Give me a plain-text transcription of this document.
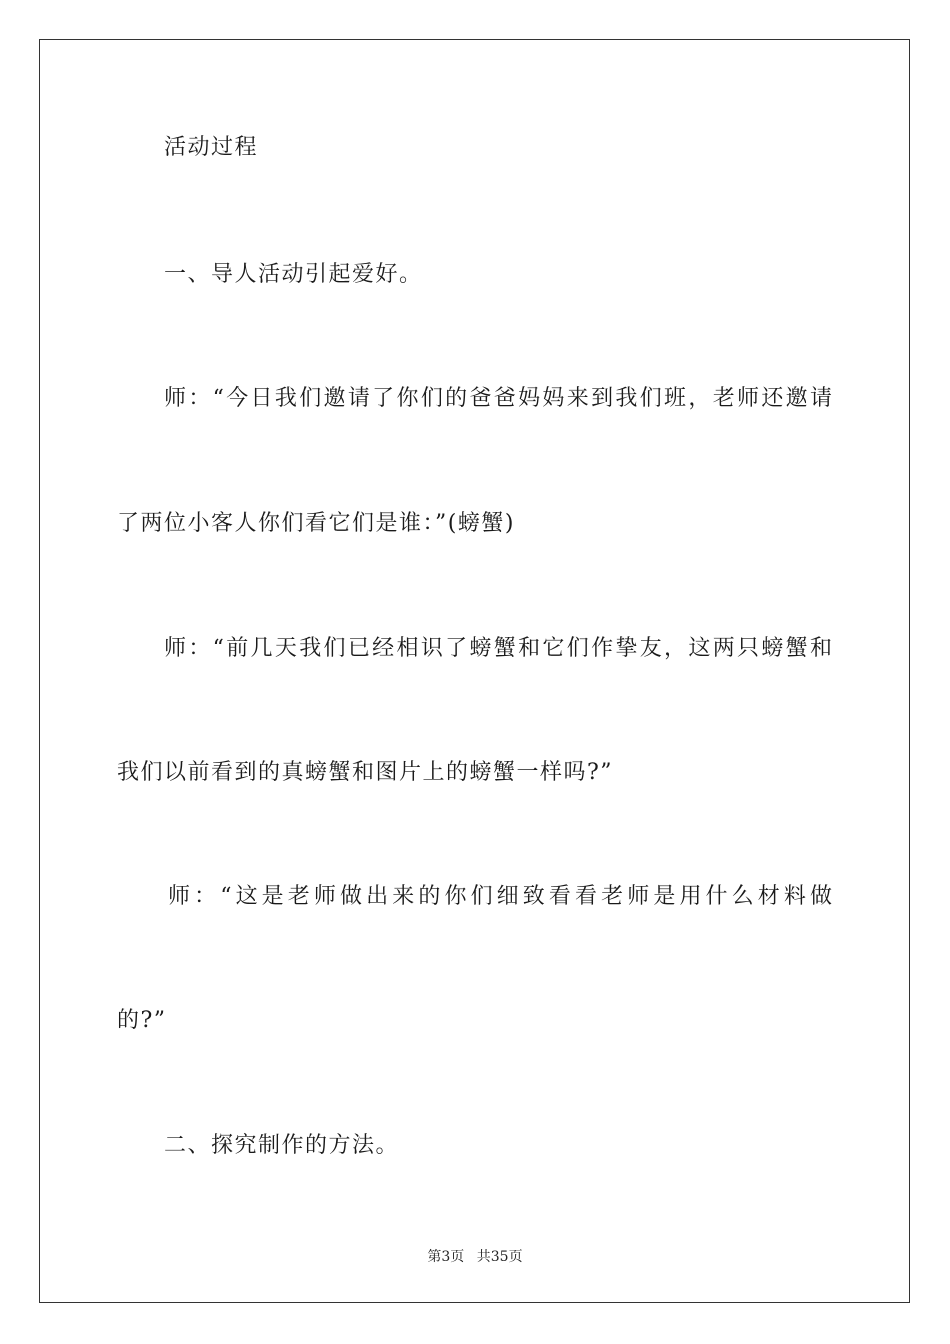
活动过程
一、导人活动引起爱好。
师：“今日我们邀请了你们的爸爸妈妈来到我们班，老师还邀请
了两位小客人你们看它们是谁：”(螃蟹)
师：“前几天我们已经相识了螃蟹和它们作挚友，这两只螃蟹和
我们以前看到的真螃蟹和图片上的螃蟹一样吗?”
师：“这是老师做出来的你们细致看看老师是用什么材料做
的?”
二、探究制作的方法。
第3页 共35页
